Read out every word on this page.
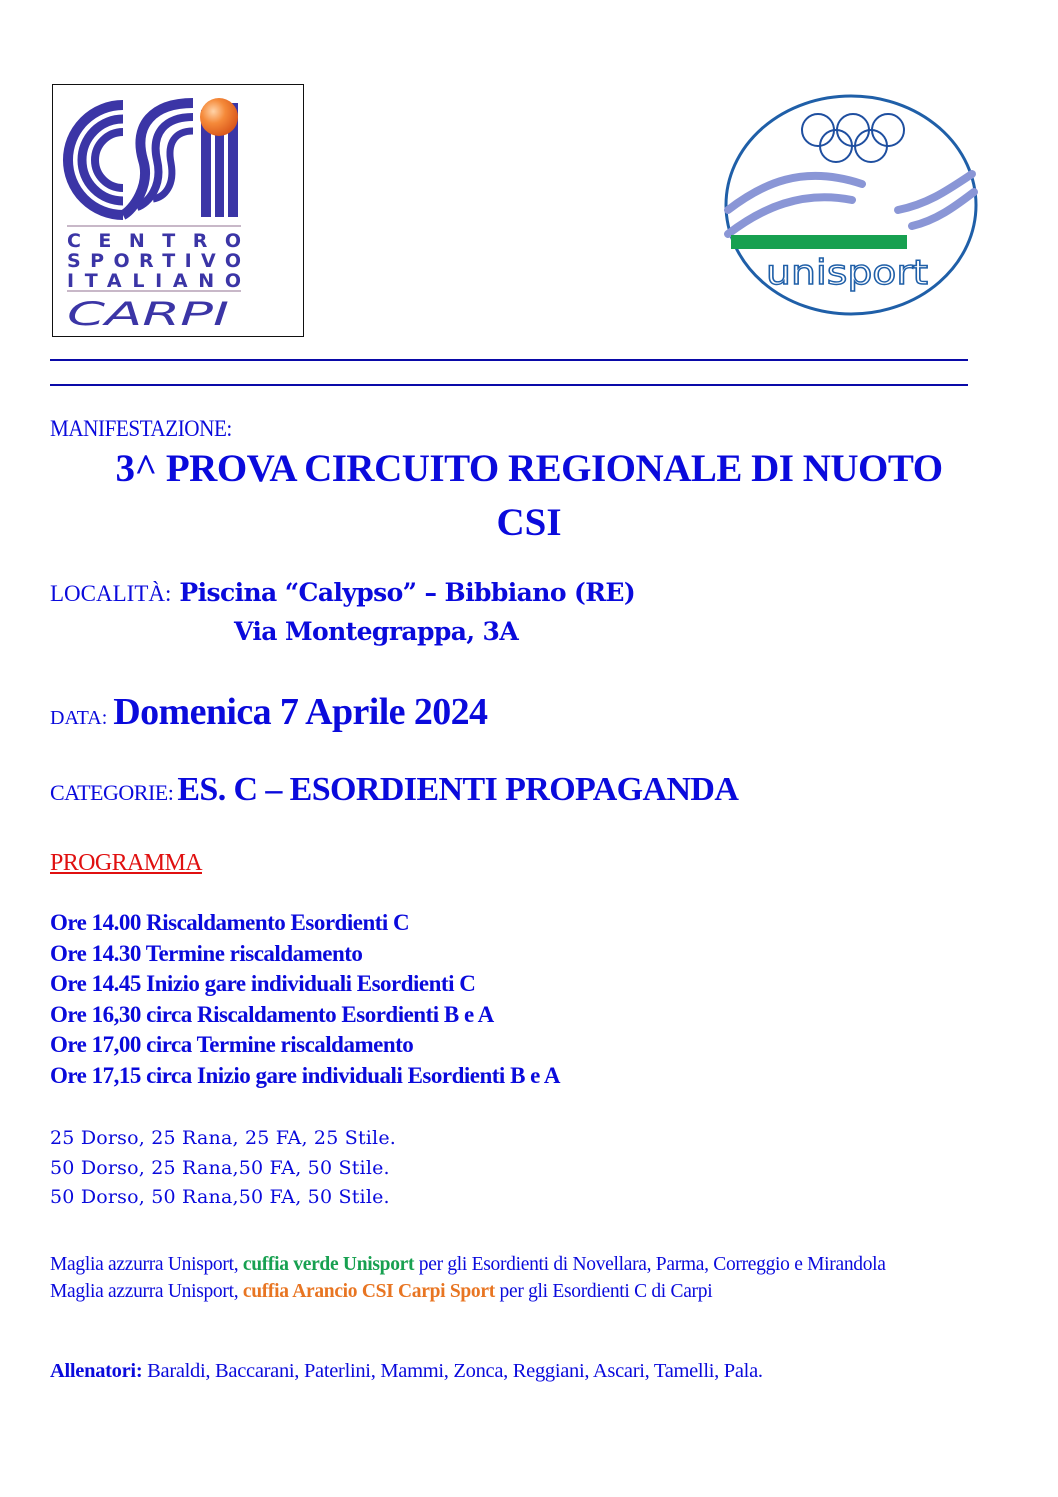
CENTRO
SPORTIVO
ITALIANO
CARPI
unisport
MANIFESTAZIONE:
3^ PROVA CIRCUITO REGIONALE DI NUOTO
CSI
LOCALITÀ: Piscina “Calypso” – Bibbiano (RE)
Via Montegrappa, 3A
DATA: Domenica 7 Aprile 2024
CATEGORIE: ES. C – ESORDIENTI PROPAGANDA
PROGRAMMA
Ore 14.00 Riscaldamento Esordienti C
Ore 14.30 Termine riscaldamento
Ore 14.45 Inizio gare individuali Esordienti C
Ore 16,30 circa Riscaldamento Esordienti B e A
Ore 17,00 circa Termine riscaldamento
Ore 17,15 circa Inizio gare individuali Esordienti B e A
25 Dorso, 25 Rana, 25 FA, 25 Stile.
50 Dorso, 25 Rana,50 FA, 50 Stile.
50 Dorso, 50 Rana,50 FA, 50 Stile.
Maglia azzurra Unisport, cuffia verde Unisport per gli Esordienti di Novellara, Parma, Correggio e Mirandola
Maglia azzurra Unisport, cuffia Arancio CSI Carpi Sport per gli Esordienti C di Carpi
Allenatori: Baraldi, Baccarani, Paterlini, Mammi, Zonca, Reggiani, Ascari, Tamelli, Pala.
